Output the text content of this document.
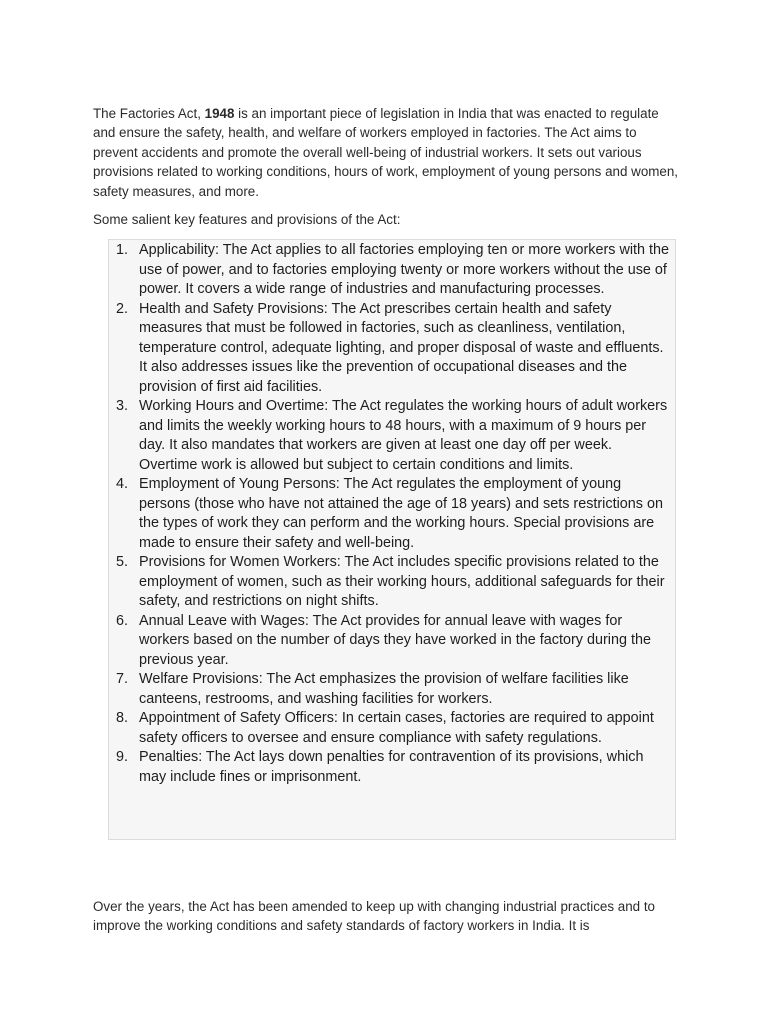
The Factories Act, 1948 is an important piece of legislation in India that was enacted to regulate and ensure the safety, health, and welfare of workers employed in factories. The Act aims to prevent accidents and promote the overall well-being of industrial workers. It sets out various provisions related to working conditions, hours of work, employment of young persons and women, safety measures, and more.

Some salient key features and provisions of the Act:

1. Applicability: The Act applies to all factories employing ten or more workers with the use of power, and to factories employing twenty or more workers without the use of power. It covers a wide range of industries and manufacturing processes.
2. Health and Safety Provisions: The Act prescribes certain health and safety measures that must be followed in factories, such as cleanliness, ventilation, temperature control, adequate lighting, and proper disposal of waste and effluents. It also addresses issues like the prevention of occupational diseases and the provision of first aid facilities.
3. Working Hours and Overtime: The Act regulates the working hours of adult workers and limits the weekly working hours to 48 hours, with a maximum of 9 hours per day. It also mandates that workers are given at least one day off per week. Overtime work is allowed but subject to certain conditions and limits.
4. Employment of Young Persons: The Act regulates the employment of young persons (those who have not attained the age of 18 years) and sets restrictions on the types of work they can perform and the working hours. Special provisions are made to ensure their safety and well-being.
5. Provisions for Women Workers: The Act includes specific provisions related to the employment of women, such as their working hours, additional safeguards for their safety, and restrictions on night shifts.
6. Annual Leave with Wages: The Act provides for annual leave with wages for workers based on the number of days they have worked in the factory during the previous year.
7. Welfare Provisions: The Act emphasizes the provision of welfare facilities like canteens, restrooms, and washing facilities for workers.
8. Appointment of Safety Officers: In certain cases, factories are required to appoint safety officers to oversee and ensure compliance with safety regulations.
9. Penalties: The Act lays down penalties for contravention of its provisions, which may include fines or imprisonment.

Over the years, the Act has been amended to keep up with changing industrial practices and to improve the working conditions and safety standards of factory workers in India. It is
